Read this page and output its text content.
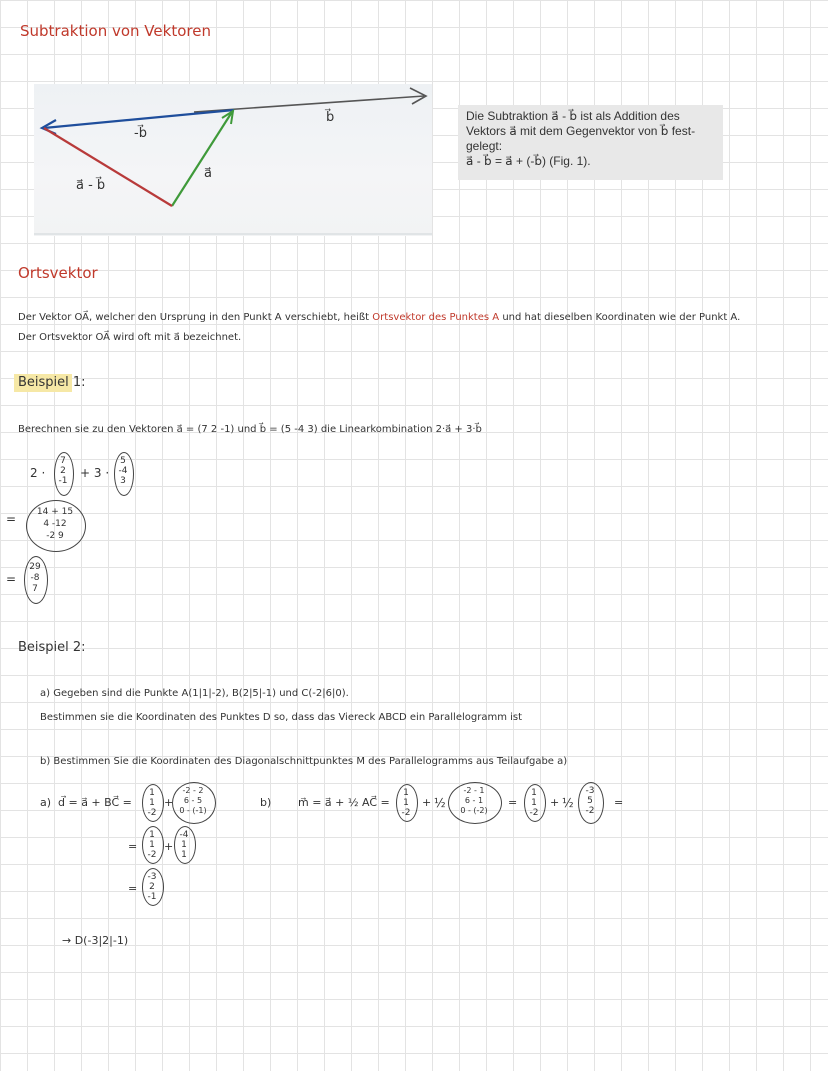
Subtraktion von Vektoren
-b⃗
a⃗
b⃗
a⃗ - b⃗
Die Subtraktion a⃗ - b⃗ ist als Addition des
Vektors a⃗ mit dem Gegenvektor von b⃗ fest-
gelegt:
a⃗ - b⃗ = a⃗ + (-b⃗) (Fig. 1).
Ortsvektor
Der Vektor OA⃗, welcher den Ursprung in den Punkt A verschiebt, heißt Ortsvektor des Punktes A und hat dieselben Koordinaten wie der Punkt A.
Der Ortsvektor OA⃗ wird oft mit a⃗ bezeichnet.
Beispiel 1:
Berechnen sie zu den Vektoren a⃗ = (7 2 -1) und b⃗ = (5 -4 3) die Linearkombination 2·a⃗ + 3·b⃗
2 ·
7
2
-1
+ 3 ·
5
-4
3
=	14 + 15
4 -12
-2 9
=
29
-8
7
Beispiel 2:
a) Gegeben sind die Punkte A(1|1|-2), B(2|5|-1) und C(-2|6|0).
Bestimmen sie die Koordinaten des Punktes D so, dass das Viereck ABCD ein Parallelogramm ist
b) Bestimmen Sie die Koordinaten des Diagonalschnittpunktes M des Parallelogramms aus Teilaufgabe a)
a) d⃗ = a⃗ + BC⃗ =
1
1
-2
+
-2 - 2
6 - 5
0 - (-1)
=
1
1
-2
+
-4
1
1
=
-3
2
-1
→ D(-3|2|-1)
b) m⃗ = a⃗ + ½ AC⃗ =
1
1
-2
+ ½
-2 - 1
6 - 1
0 - (-2)
=
1
1
-2
+ ½
-3
5
-2
=
